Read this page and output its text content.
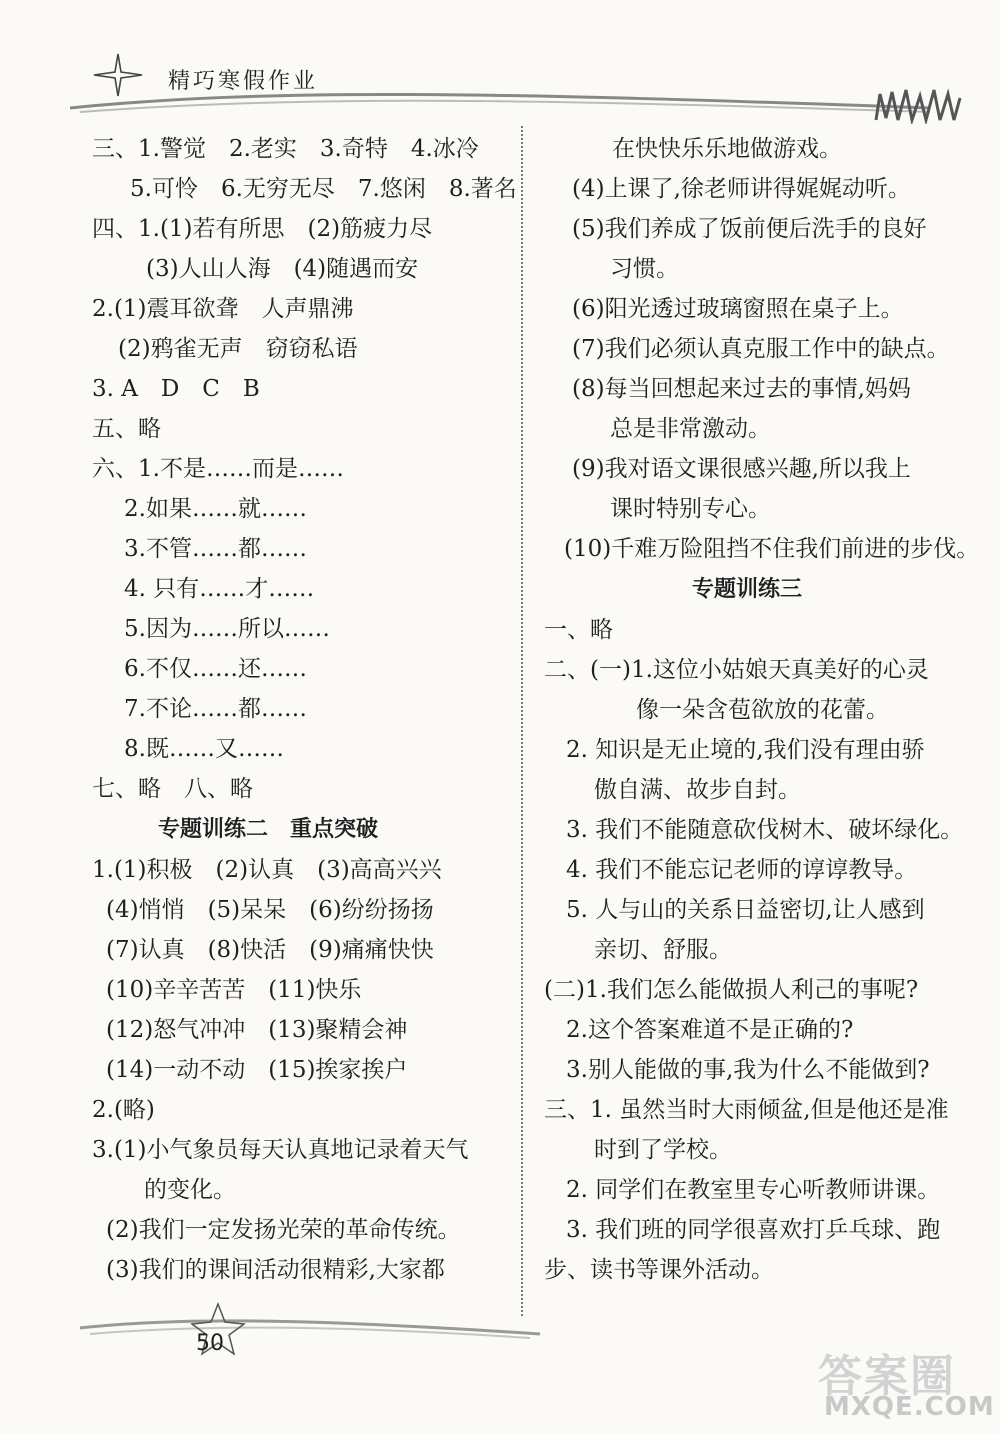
精巧寒假作业
三、1.警觉　2.老实　3.奇特　4.冰冷
5.可怜　6.无穷无尽　7.悠闲　8.著名
四、1.(1)若有所思　(2)筋疲力尽
(3)人山人海　(4)随遇而安
2.(1)震耳欲聋　人声鼎沸
(2)鸦雀无声　窃窃私语
3. A　D　C　B
五、略
六、1.不是……而是……
2.如果……就……
3.不管……都……
4. 只有……才……
5.因为……所以……
6.不仅……还……
7.不论……都……
8.既……又……
七、略　八、略
专题训练二　重点突破
1.(1)积极　(2)认真　(3)高高兴兴
(4)悄悄　(5)呆呆　(6)纷纷扬扬
(7)认真　(8)快活　(9)痛痛快快
(10)辛辛苦苦　(11)快乐
(12)怒气冲冲　(13)聚精会神
(14)一动不动　(15)挨家挨户
2.(略)
3.(1)小气象员每天认真地记录着天气
的变化。
(2)我们一定发扬光荣的革命传统。
(3)我们的课间活动很精彩,大家都
在快快乐乐地做游戏。
(4)上课了,徐老师讲得娓娓动听。
(5)我们养成了饭前便后洗手的良好
习惯。
(6)阳光透过玻璃窗照在桌子上。
(7)我们必须认真克服工作中的缺点。
(8)每当回想起来过去的事情,妈妈
总是非常激动。
(9)我对语文课很感兴趣,所以我上
课时特别专心。
(10)千难万险阻挡不住我们前进的步伐。
专题训练三
一、略
二、(一)1.这位小姑娘天真美好的心灵
像一朵含苞欲放的花蕾。
2. 知识是无止境的,我们没有理由骄
傲自满、故步自封。
3. 我们不能随意砍伐树木、破坏绿化。
4. 我们不能忘记老师的谆谆教导。
5. 人与山的关系日益密切,让人感到
亲切、舒服。
(二)1.我们怎么能做损人利己的事呢?
2.这个答案难道不是正确的?
3.别人能做的事,我为什么不能做到?
三、1. 虽然当时大雨倾盆,但是他还是准
时到了学校。
2. 同学们在教室里专心听教师讲课。
3. 我们班的同学很喜欢打乒乓球、跑
步、读书等课外活动。
50
答案圈
MXQE.COM
